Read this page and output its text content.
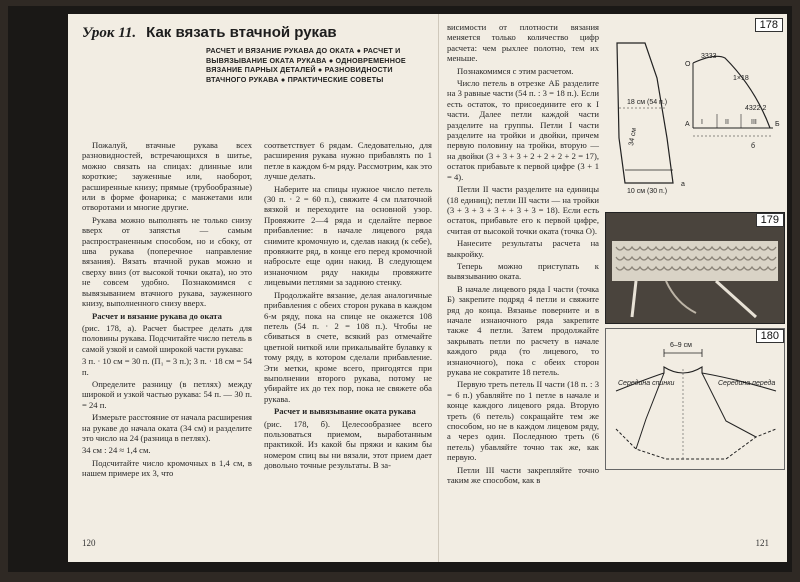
Урок 11. Как вязать втачной рукав
РАСЧЕТ И ВЯЗАНИЕ РУКАВА ДО ОКАТА ● РАСЧЕТ И ВЫВЯЗЫВАНИЕ ОКАТА РУКАВА ● ОДНОВРЕМЕННОЕ ВЯЗАНИЕ ПАРНЫХ ДЕТАЛЕЙ ● РАЗНОВИДНОСТИ ВТАЧНОГО РУКАВА ● ПРАКТИЧЕСКИЕ СОВЕТЫ

Пожалуй, втачные рукава всех разновидностей, встречающихся в шитье, можно связать на спицах: длинные или короткие; зауженные или, наоборот, расширенные книзу; прямые (трубообразные) или в форме фонарика; с манжетами или отворотами и многие другие.

Рукава можно выполнять не только снизу вверх от запястья — самым распространенным способом, но и сбоку, от шва рукава (поперечное направление вязания). Вязать втачной рукав можно и сверху вниз (от высокой точки оката), но это не совсем удобно. Познакомимся с вывязыванием втачного рукава, зауженного книзу, выполненного снизу вверх.

Расчет и вязание рукава до оката

(рис. 178, а). Расчет быстрее делать для половины рукава. Подсчитайте число петель в самой узкой и самой широкой части рукава:

3 п. · 10 см = 30 п. (П₁ = 3 п.); 3 п. · 18 см = 54 п.

Определите разницу (в петлях) между широкой и узкой частью рукава: 54 п. — 30 п. = 24 п.

Измерьте расстояние от начала расширения на рукаве до начала оката (34 см) и разделите это число на 24 (разница в петлях).

34 см : 24 ≈ 1,4 см.

Подсчитайте число кромочных в 1,4 см, в нашем примере их 3, что

соответствует 6 рядам. Следовательно, для расширения рукава нужно прибавлять по 1 петле в каждом 6-м ряду. Рассмотрим, как это лучше делать.

Наберите на спицы нужное число петель (30 п. · 2 = 60 п.), свяжите 4 см платочной вязкой и переходите на основной узор. Провяжите 2—4 ряда и сделайте первое прибавление: в начале лицевого ряда снимите кромочную и, сделав накид (к себе), провяжите ряд, в конце его перед кромочной набросьте еще один накид. В следующем изнаночном ряду накиды провяжите лицевыми петлями за заднюю стенку.

Продолжайте вязание, делая аналогичные прибавления с обеих сторон рукава в каждом 6-м ряду, пока на спице не окажется 108 петель (54 п. · 2 = 108 п.). Чтобы не сбиваться в счете, всякий раз отмечайте цветной ниткой или прикалывайте булавку к тому ряду, в котором сделали прибавление. Эти метки, кроме всего, пригодятся при выполнении второго рукава, потому не убирайте их до тех пор, пока не свяжете оба рукава.

Расчет и вывязывание оката рукава

(рис. 178, б). Целесообразнее всего пользоваться приемом, выработанным практикой. Из какой бы пряжи и каким бы номером спиц вы ни вязали, этот прием дает довольно точные результаты. В за-

120

висимости от плотности вязания меняется только количество цифр расчета: чем рыхлее полотно, тем их меньше.

Познакомимся с этим расчетом.

Число петель в отрезке АБ разделите на 3 равные части (54 п. : 3 = 18 п.). Если есть остаток, то присоедините его к I части. Далее петли каждой части разделите на группы. Петли I части разделите на тройки и двойки, причем первую половину на тройки, вторую — на двойки (3 + 3 + 3 + 2 + 2 + 2 + 2 = 17), остаток прибавьте к первой цифре (3 + 1 = 4).

Петли II части разделите на единицы (18 единиц); петли III части — на тройки (3 + 3 + 3 + 3 + + 3 + 3 = 18). Если есть остаток, прибавьте его к первой цифре, считая от высокой точки оката (точка О).

Нанесите результаты расчета на выкройку.

Теперь можно приступать к вывязыванию оката.

В начале лицевого ряда I части (точка Б) закрепите подряд 4 петли и свяжите ряд до конца. Вязанье поверните и в начале изнаночного ряда закрепите также 4 петли. Затем продолжайте закрывать петли по расчету в начале каждого ряда (то лицевого, то изнаночного), пока с обеих сторон рукава не сократите 18 петель.

Первую треть петель II части (18 п. : 3 = 6 п.) убавляйте по 1 петле в начале и конце каждого лицевого ряда. Вторую треть (6 петель) сокращайте тем же способом, но не в каждом лицевом ряду, а через один. Последнюю треть (6 петель) убавляйте точно так же, как первую.

Петли III части закрепляйте точно таким же способом, как в

178
18 см (54 п.)
10 см (30 п.)
34 см
а
О
А	Б
I	II	III
3333
1×18
4322 2
б
179
180
6–9 см
Середина спинки	Середина переда
121
